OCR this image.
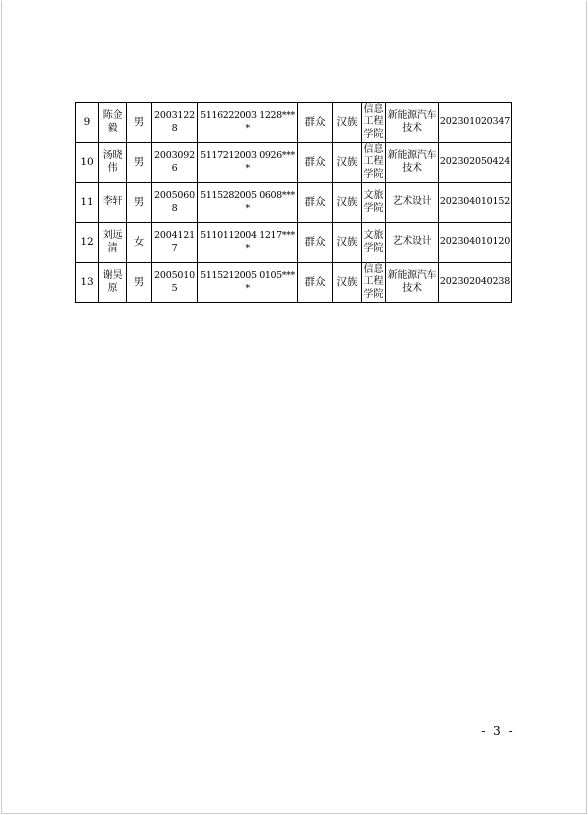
9	陈金毅	男	20031228	5116222003 1228****	群众	汉族	信息工程学院	新能源汽车技术	202301020347
10	汤晓伟	男	20030926	5117212003 0926****	群众	汉族	信息工程学院	新能源汽车技术	202302050424
11	李轩	男	20050608	5115282005 0608****	群众	汉族	文旅学院	艺术设计	202304010152
12	刘远清	女	20041217	5110112004 1217****	群众	汉族	文旅学院	艺术设计	202304010120
13	谢昊原	男	20050105	5115212005 0105****	群众	汉族	信息工程学院	新能源汽车技术	202302040238
- 3 -
